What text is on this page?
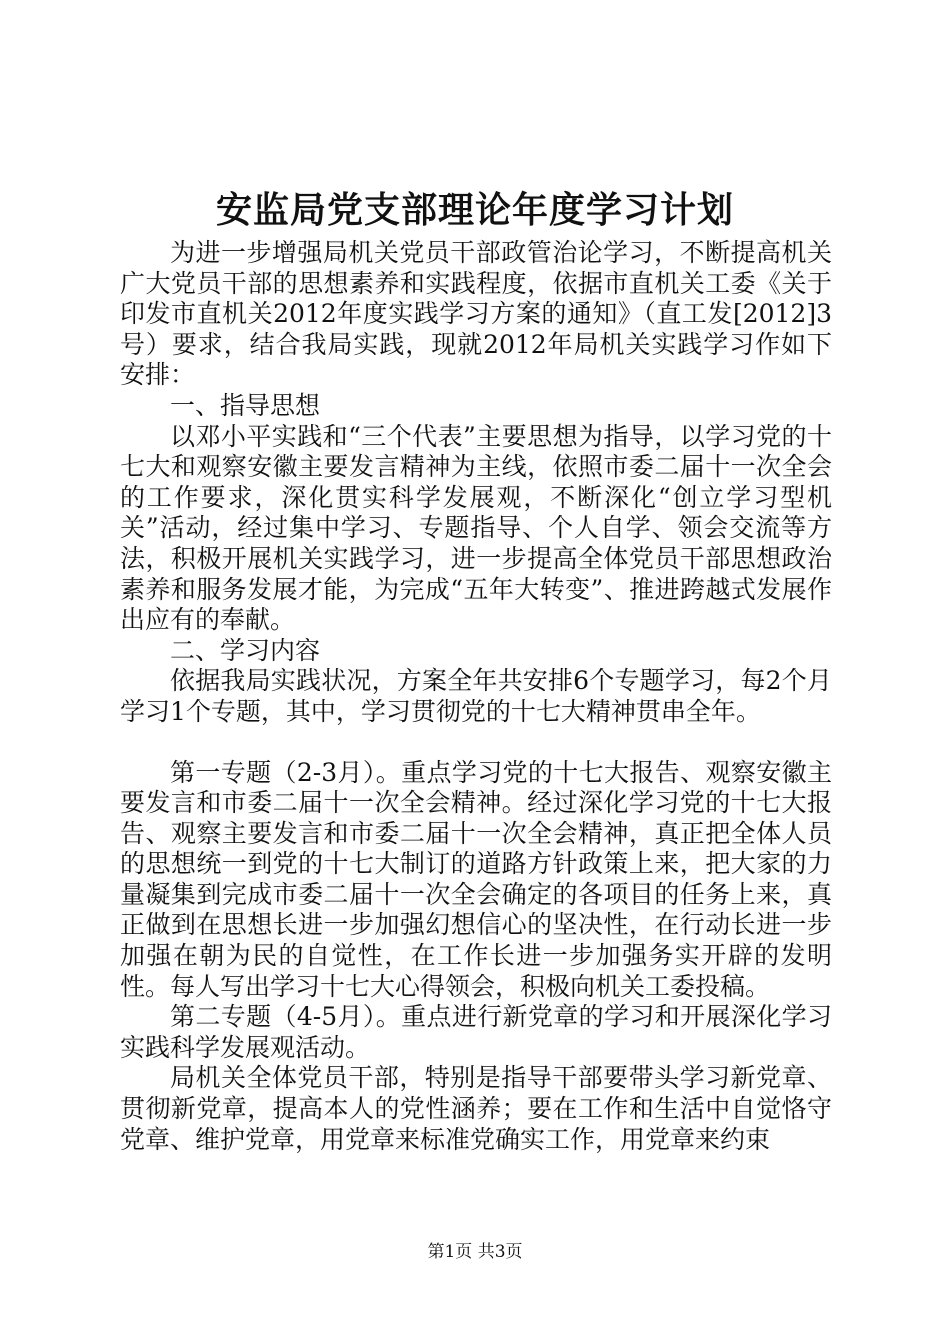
安监局党支部理论年度学习计划

为进一步增强局机关党员干部政管治论学习，不断提高机关广大党员干部的思想素养和实践程度，依据市直机关工委《关于印发市直机关2012年度实践学习方案的通知》（直工发[2012]3号）要求，结合我局实践，现就2012年局机关实践学习作如下安排：

一、指导思想

以邓小平实践和“三个代表”主要思想为指导，以学习党的十七大和观察安徽主要发言精神为主线，依照市委二届十一次全会的工作要求，深化贯实科学发展观，不断深化“创立学习型机关”活动，经过集中学习、专题指导、个人自学、领会交流等方法，积极开展机关实践学习，进一步提高全体党员干部思想政治素养和服务发展才能，为完成“五年大转变”、推进跨越式发展作出应有的奉献。

二、学习内容

依据我局实践状况，方案全年共安排6个专题学习，每2个月学习1个专题，其中，学习贯彻党的十七大精神贯串全年。

第一专题（2-3月）。重点学习党的十七大报告、观察安徽主要发言和市委二届十一次全会精神。经过深化学习党的十七大报告、观察主要发言和市委二届十一次全会精神，真正把全体人员的思想统一到党的十七大制订的道路方针政策上来，把大家的力量凝集到完成市委二届十一次全会确定的各项目的任务上来，真正做到在思想长进一步加强幻想信心的坚决性，在行动长进一步加强在朝为民的自觉性，在工作长进一步加强务实开辟的发明性。每人写出学习十七大心得领会，积极向机关工委投稿。

第二专题（4-5月）。重点进行新党章的学习和开展深化学习实践科学发展观活动。

局机关全体党员干部，特别是指导干部要带头学习新党章、贯彻新党章，提高本人的党性涵养；要在工作和生活中自觉恪守党章、维护党章，用党章来标准党确实工作，用党章来约束

第1页 共3页
